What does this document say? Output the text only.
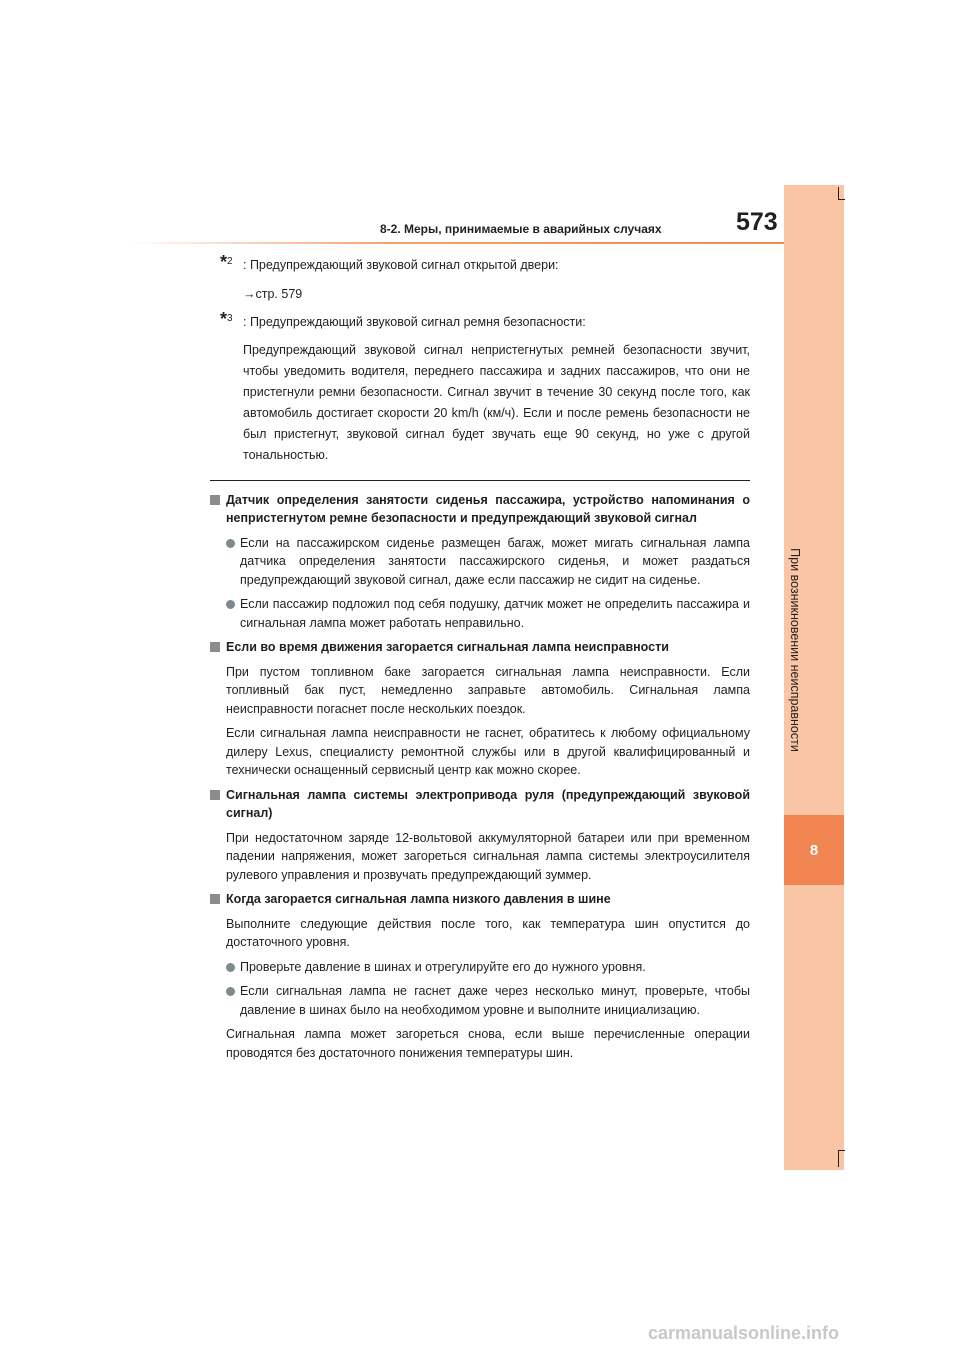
8-2. Меры, принимаемые в аварийных случаях	573
При возникновении неисправности
8
*$^2$ : Предупреждающий звуковой сигнал открытой двери:
→стр. 579
*$^3$ : Предупреждающий звуковой сигнал ремня безопасности:
Предупреждающий звуковой сигнал непристегнутых ремней безопасности звучит, чтобы уведомить водителя, переднего пассажира и задних пассажиров, что они не пристегнули ремни безопасности. Сигнал звучит в течение 30 секунд после того, как автомобиль достигает скорости 20 km/h (км/ч). Если и после ремень безопасности не был пристегнут, звуковой сигнал будет звучать еще 90 секунд, но уже с другой тональностью.
Датчик определения занятости сиденья пассажира, устройство напоминания о непристегнутом ремне безопасности и предупреждающий звуковой сигнал
Если на пассажирском сиденье размещен багаж, может мигать сигнальная лампа датчика определения занятости пассажирского сиденья, и может раздаться предупреждающий звуковой сигнал, даже если пассажир не сидит на сиденье.
Если пассажир подложил под себя подушку, датчик может не определить пассажира и сигнальная лампа может работать неправильно.
Если во время движения загорается сигнальная лампа неисправности
При пустом топливном баке загорается сигнальная лампа неисправности. Если топливный бак пуст, немедленно заправьте автомобиль. Сигнальная лампа неисправности погаснет после нескольких поездок.
Если сигнальная лампа неисправности не гаснет, обратитесь к любому официальному дилеру Lexus, специалисту ремонтной службы или в другой квалифицированный и технически оснащенный сервисный центр как можно скорее.
Сигнальная лампа системы электропривода руля (предупреждающий звуковой сигнал)
При недостаточном заряде 12-вольтовой аккумуляторной батареи или при временном падении напряжения, может загореться сигнальная лампа системы электроусилителя рулевого управления и прозвучать предупреждающий зуммер.
Когда загорается сигнальная лампа низкого давления в шине
Выполните следующие действия после того, как температура шин опустится до достаточного уровня.
Проверьте давление в шинах и отрегулируйте его до нужного уровня.
Если сигнальная лампа не гаснет даже через несколько минут, проверьте, чтобы давление в шинах было на необходимом уровне и выполните инициализацию.
Сигнальная лампа может загореться снова, если выше перечисленные операции проводятся без достаточного понижения температуры шин.
carmanualsonline.info
